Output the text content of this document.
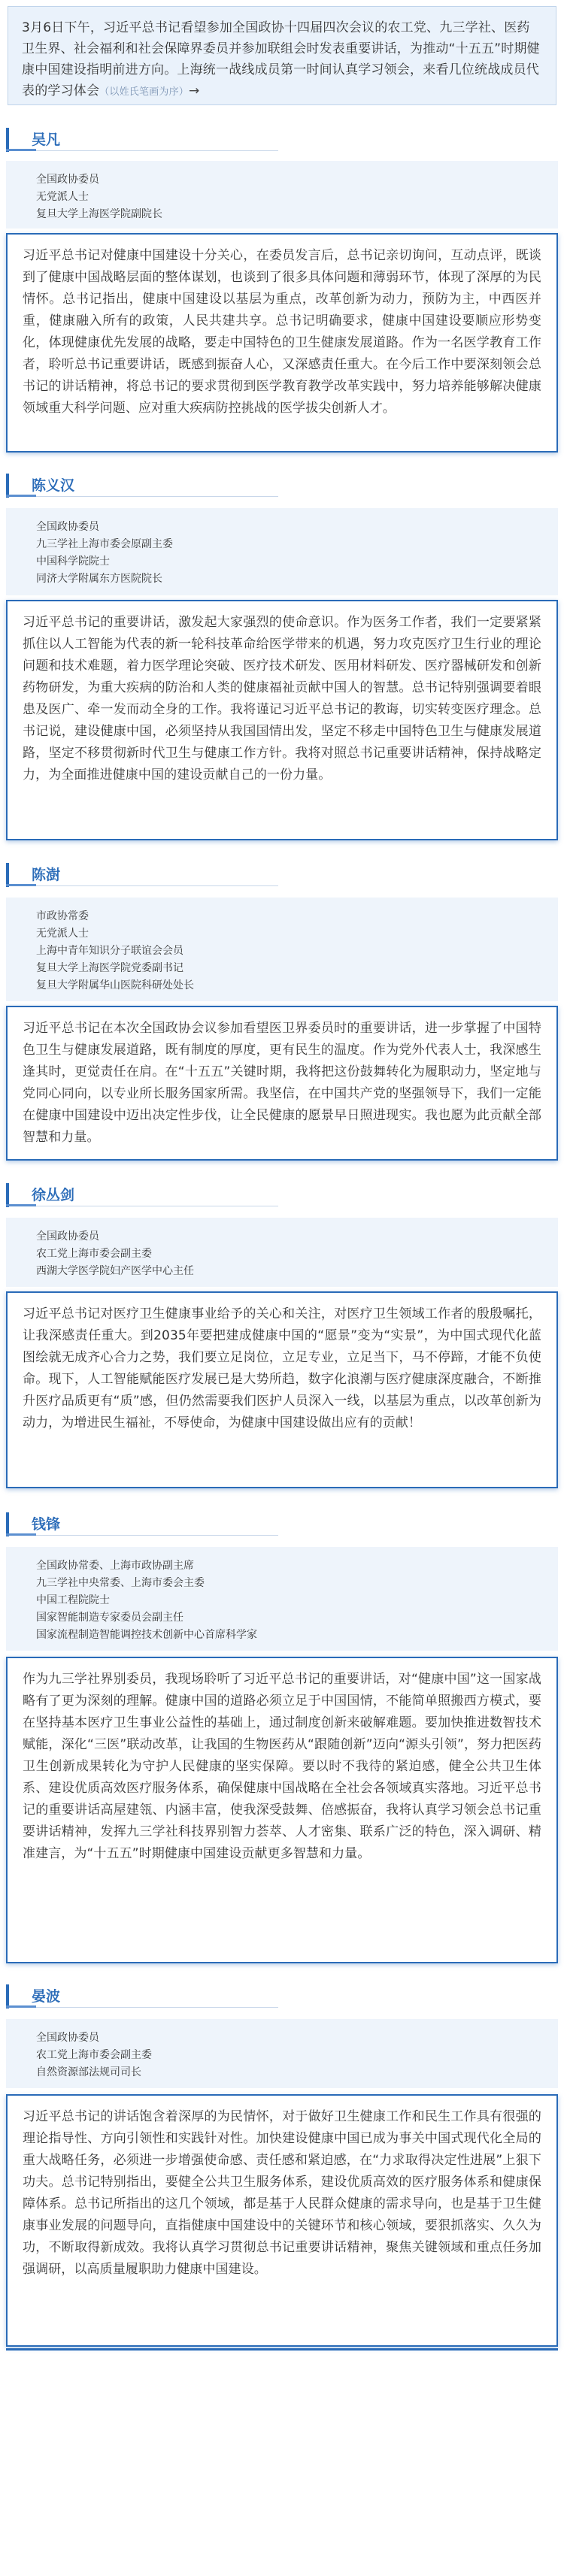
3月6日下午，习近平总书记看望参加全国政协十四届四次会议的农工党、九三学社、医药卫生界、社会福利和社会保障界委员并参加联组会时发表重要讲话，为推动“十五五”时期健康中国建设指明前进方向。上海统一战线成员第一时间认真学习领会，来看几位统战成员代表的学习体会（以姓氏笔画为序）→
吴凡
全国政协委员
无党派人士
复旦大学上海医学院副院长
习近平总书记对健康中国建设十分关心，在委员发言后，总书记亲切询问，互动点评，既谈到了健康中国战略层面的整体谋划，也谈到了很多具体问题和薄弱环节，体现了深厚的为民情怀。总书记指出，健康中国建设以基层为重点，改革创新为动力，预防为主，中西医并重，健康融入所有的政策，人民共建共享。总书记明确要求，健康中国建设要顺应形势变化，体现健康优先发展的战略，要走中国特色的卫生健康发展道路。作为一名医学教育工作者，聆听总书记重要讲话，既感到振奋人心，又深感责任重大。在今后工作中要深刻领会总书记的讲话精神，将总书记的要求贯彻到医学教育教学改革实践中，努力培养能够解决健康领域重大科学问题、应对重大疾病防控挑战的医学拔尖创新人才。
陈义汉
全国政协委员
九三学社上海市委会原副主委
中国科学院院士
同济大学附属东方医院院长
习近平总书记的重要讲话，激发起大家强烈的使命意识。作为医务工作者，我们一定要紧紧抓住以人工智能为代表的新一轮科技革命给医学带来的机遇，努力攻克医疗卫生行业的理论问题和技术难题，着力医学理论突破、医疗技术研发、医用材料研发、医疗器械研发和创新药物研发，为重大疾病的防治和人类的健康福祉贡献中国人的智慧。总书记特别强调要着眼患及医广、牵一发而动全身的工作。我将谨记习近平总书记的教诲，切实转变医疗理念。总书记说，建设健康中国，必须坚持从我国国情出发，坚定不移走中国特色卫生与健康发展道路，坚定不移贯彻新时代卫生与健康工作方针。我将对照总书记重要讲话精神，保持战略定力，为全面推进健康中国的建设贡献自己的一份力量。
陈澍
市政协常委
无党派人士
上海中青年知识分子联谊会会员
复旦大学上海医学院党委副书记
复旦大学附属华山医院科研处处长
习近平总书记在本次全国政协会议参加看望医卫界委员时的重要讲话，进一步掌握了中国特色卫生与健康发展道路，既有制度的厚度，更有民生的温度。作为党外代表人士，我深感生逢其时，更觉责任在肩。在“十五五”关键时期，我将把这份鼓舞转化为履职动力，坚定地与党同心同向，以专业所长服务国家所需。我坚信，在中国共产党的坚强领导下，我们一定能在健康中国建设中迈出决定性步伐，让全民健康的愿景早日照进现实。我也愿为此贡献全部智慧和力量。
徐丛剑
全国政协委员
农工党上海市委会副主委
西湖大学医学院妇产医学中心主任
习近平总书记对医疗卫生健康事业给予的关心和关注，对医疗卫生领域工作者的殷殷嘱托，让我深感责任重大。到2035年要把建成健康中国的“愿景”变为“实景”，为中国式现代化蓝图绘就无成齐心合力之势，我们要立足岗位，立足专业，立足当下，马不停蹄，才能不负使命。现下，人工智能赋能医疗发展已是大势所趋，数字化浪潮与医疗健康深度融合，不断推升医疗品质更有“质”感，但仍然需要我们医护人员深入一线，以基层为重点，以改革创新为动力，为增进民生福祉，不辱使命，为健康中国建设做出应有的贡献！
钱锋
全国政协常委、上海市政协副主席
九三学社中央常委、上海市委会主委
中国工程院院士
国家智能制造专家委员会副主任
国家流程制造智能调控技术创新中心首席科学家
作为九三学社界别委员，我现场聆听了习近平总书记的重要讲话，对“健康中国”这一国家战略有了更为深刻的理解。健康中国的道路必须立足于中国国情，不能简单照搬西方模式，要在坚持基本医疗卫生事业公益性的基础上，通过制度创新来破解难题。要加快推进数智技术赋能，深化“三医”联动改革，让我国的生物医药从“跟随创新”迈向“源头引领”，努力把医药卫生创新成果转化为守护人民健康的坚实保障。要以时不我待的紧迫感，健全公共卫生体系、建设优质高效医疗服务体系，确保健康中国战略在全社会各领域真实落地。习近平总书记的重要讲话高屋建瓴、内涵丰富，使我深受鼓舞、倍感振奋，我将认真学习领会总书记重要讲话精神，发挥九三学社科技界别智力荟萃、人才密集、联系广泛的特色，深入调研、精准建言，为“十五五”时期健康中国建设贡献更多智慧和力量。
晏波
全国政协委员
农工党上海市委会副主委
自然资源部法规司司长
习近平总书记的讲话饱含着深厚的为民情怀，对于做好卫生健康工作和民生工作具有很强的理论指导性、方向引领性和实践针对性。加快建设健康中国已成为事关中国式现代化全局的重大战略任务，必须进一步增强使命感、责任感和紧迫感，在“力求取得决定性进展”上狠下功夫。总书记特别指出，要健全公共卫生服务体系，建设优质高效的医疗服务体系和健康保障体系。总书记所指出的这几个领域，都是基于人民群众健康的需求导向，也是基于卫生健康事业发展的问题导向，直指健康中国建设中的关键环节和核心领域，要狠抓落实、久久为功，不断取得新成效。我将认真学习贯彻总书记重要讲话精神，聚焦关键领域和重点任务加强调研，以高质量履职助力健康中国建设。
